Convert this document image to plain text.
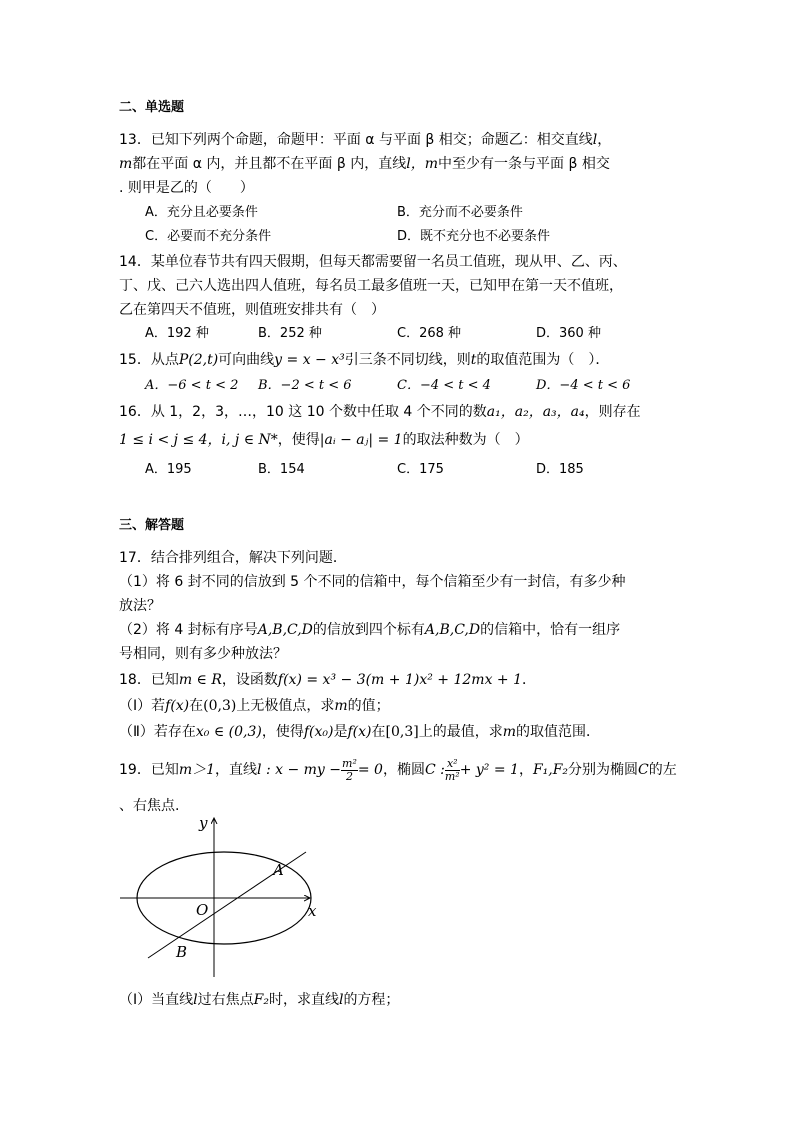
二、单选题
13．已知下列两个命题，命题甲：平面 α 与平面 β 相交；命题乙：相交直线l，
m都在平面 α 内，并且都不在平面 β 内，直线l，m中至少有一条与平面 β 相交
. 则甲是乙的（　　）
A．充分且必要条件	B．充分而不必要条件
C．必要而不充分条件	D．既不充分也不必要条件
14．某单位春节共有四天假期，但每天都需要留一名员工值班，现从甲、乙、丙、
丁、戊、己六人选出四人值班，每名员工最多值班一天，已知甲在第一天不值班，
乙在第四天不值班，则值班安排共有（　）
A．192 种	B．252 种	C．268 种	D．360 种
15．从点P(2,t)可向曲线y = x − x³引三条不同切线，则t的取值范围为（　）．
A．−6 < t < 2 B．−2 < t < 6	C．−4 < t < 4	D．−4 < t < 6
16．从 1，2，3，…，10 这 10 个数中任取 4 个不同的数a₁，a₂，a₃，a₄，则存在
1 ≤ i < j ≤ 4，i, j ∈ N*，使得|aᵢ − aⱼ| = 1的取法种数为（　）
A．195	B．154	C．175	D．185
三、解答题
17．结合排列组合，解决下列问题．
（1）将 6 封不同的信放到 5 个不同的信箱中，每个信箱至少有一封信，有多少种
放法？
（2）将 4 封标有序号A,B,C,D的信放到四个标有A,B,C,D的信箱中，恰有一组序
号相同，则有多少种放法？
18．已知m ∈ R，设函数f(x) = x³ − 3(m + 1)x² + 12mx + 1．
（Ⅰ）若f(x)在(0,3)上无极值点，求m的值；
（Ⅱ）若存在x₀ ∈ (0,3)，使得f(x₀)是f(x)在[0,3]上的最值，求m的取值范围．
19．已知m＞1，直线l : x − my − $\frac{\text{m²}}{2} = 0$，椭圆C : $\frac{\text{x²}}{\text{m²}} + y^2 = 1$，F₁,F₂分别为椭圆C的左
、右焦点.
y
x
O
A
B
（Ⅰ）当直线l过右焦点F₂时，求直线l的方程；
